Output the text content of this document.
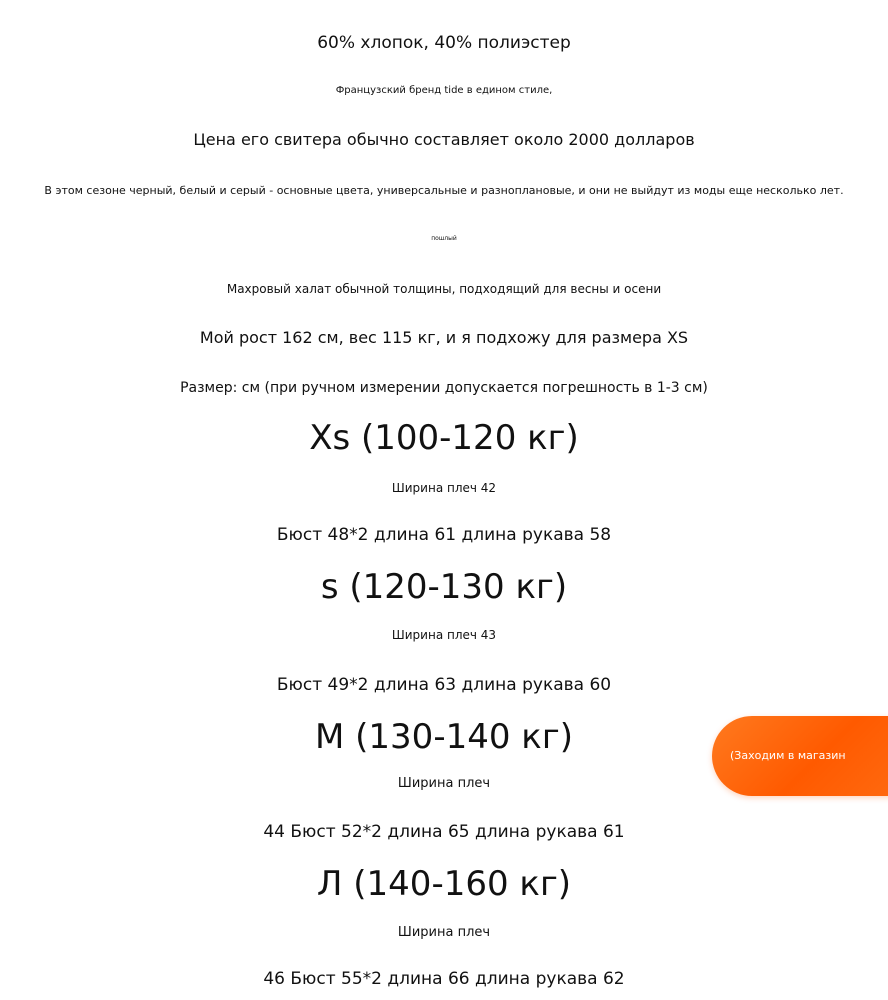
60% хлопок, 40% полиэстер
Французский бренд tide в едином стиле,
Цена его свитера обычно составляет около 2000 долларов
В этом сезоне черный, белый и серый - основные цвета, универсальные и разноплановые, и они не выйдут из моды еще несколько лет.
пошлый
Махровый халат обычной толщины, подходящий для весны и осени
Мой рост 162 см, вес 115 кг, и я подхожу для размера XS
Размер: см (при ручном измерении допускается погрешность в 1-3 см)
Xs (100-120 кг)
Ширина плеч 42
Бюст 48*2 длина 61 длина рукава 58
s (120-130 кг)
Ширина плеч 43
Бюст 49*2 длина 63 длина рукава 60
М (130-140 кг)
Ширина плеч
44 Бюст 52*2 длина 65 длина рукава 61
Л (140-160 кг)
Ширина плеч
46 Бюст 55*2 длина 66 длина рукава 62
(Заходим в магазин
